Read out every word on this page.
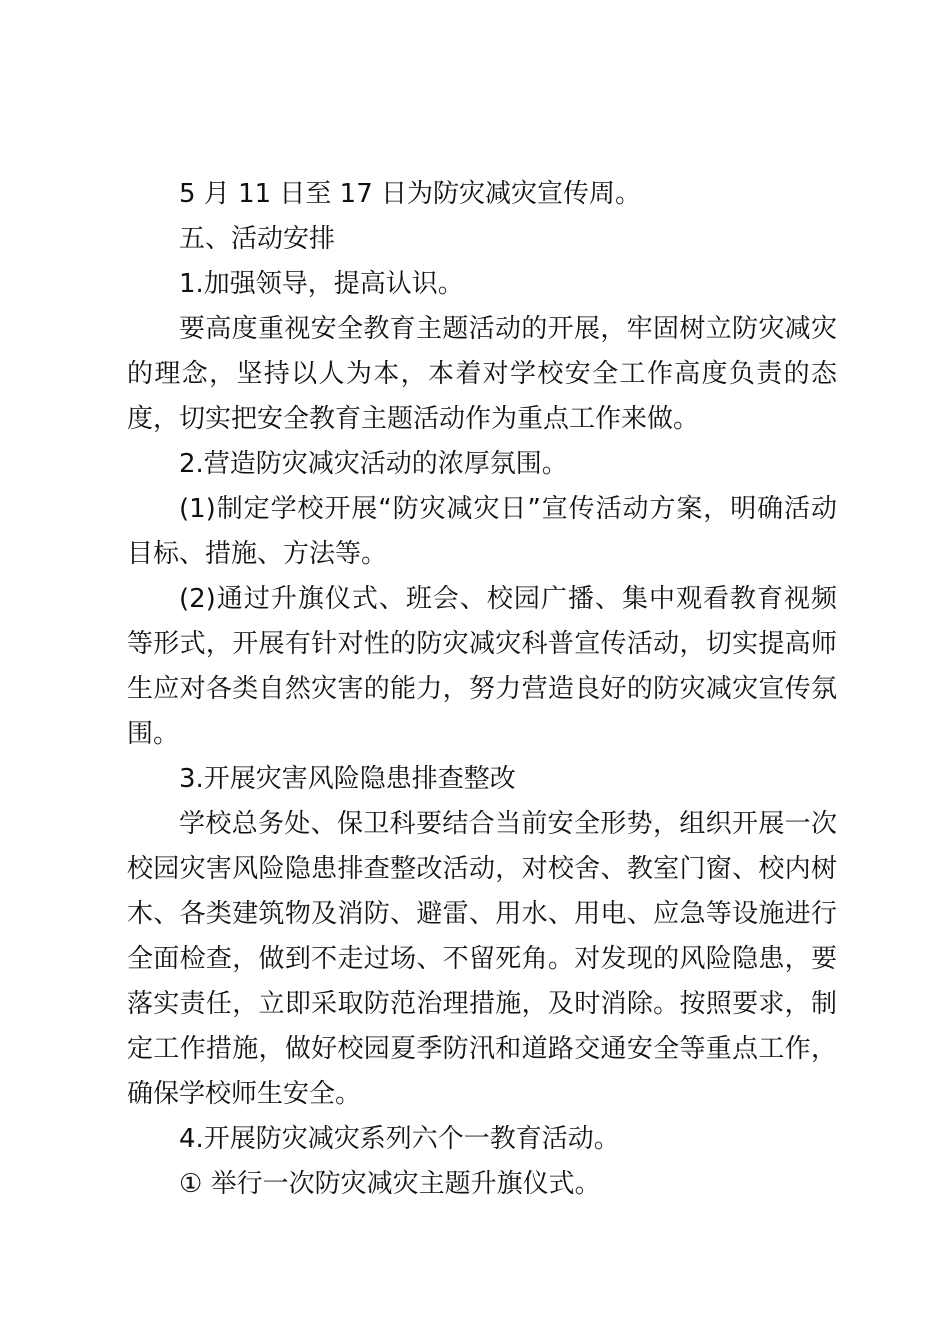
5 月 11 日至 17 日为防灾减灾宣传周。

五、活动安排

1.加强领导，提高认识。

要高度重视安全教育主题活动的开展，牢固树立防灾减灾的理念，坚持以人为本，本着对学校安全工作高度负责的态度，切实把安全教育主题活动作为重点工作来做。

2.营造防灾减灾活动的浓厚氛围。

(1)制定学校开展“防灾减灾日”宣传活动方案，明确活动目标、措施、方法等。

(2)通过升旗仪式、班会、校园广播、集中观看教育视频等形式，开展有针对性的防灾减灾科普宣传活动，切实提高师生应对各类自然灾害的能力，努力营造良好的防灾减灾宣传氛围。

3.开展灾害风险隐患排查整改

学校总务处、保卫科要结合当前安全形势，组织开展一次校园灾害风险隐患排查整改活动，对校舍、教室门窗、校内树木、各类建筑物及消防、避雷、用水、用电、应急等设施进行全面检查，做到不走过场、不留死角。对发现的风险隐患，要落实责任，立即采取防范治理措施，及时消除。按照要求，制定工作措施，做好校园夏季防汛和道路交通安全等重点工作，确保学校师生安全。

4.开展防灾减灾系列六个一教育活动。

① 举行一次防灾减灾主题升旗仪式。
